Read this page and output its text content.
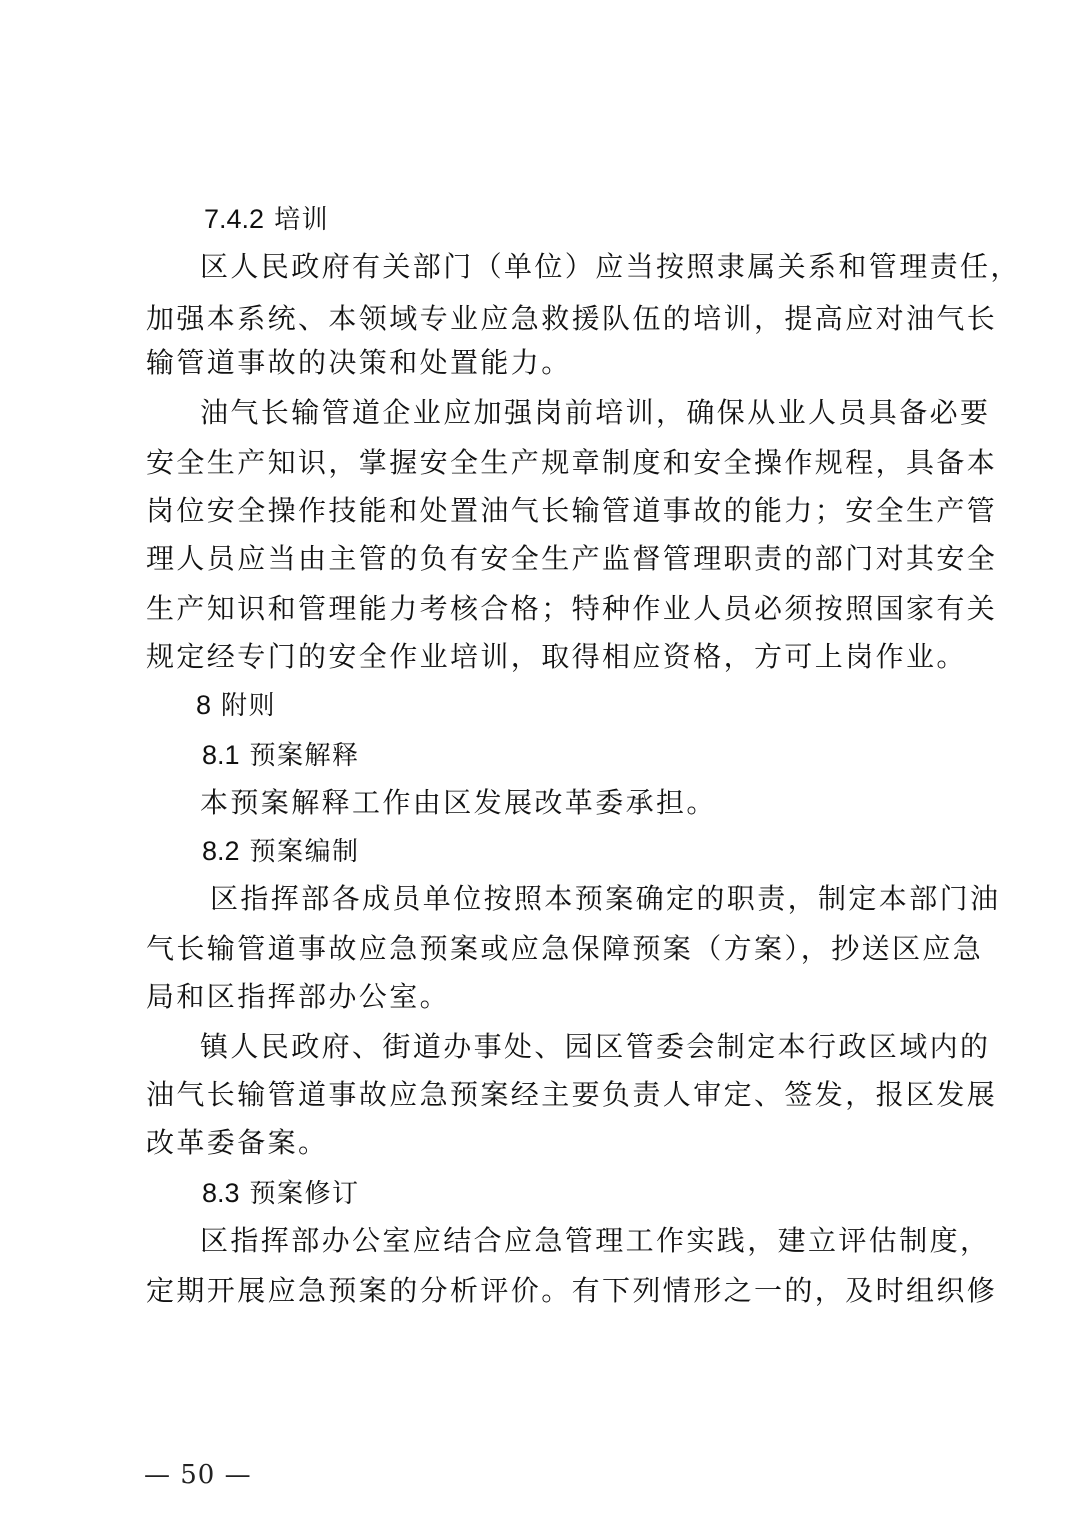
7.4.2 培训
区人民政府有关部门（单位）应当按照隶属关系和管理责任，
加强本系统、本领域专业应急救援队伍的培训，提高应对油气长
输管道事故的决策和处置能力。
油气长输管道企业应加强岗前培训，确保从业人员具备必要
安全生产知识，掌握安全生产规章制度和安全操作规程，具备本
岗位安全操作技能和处置油气长输管道事故的能力；安全生产管
理人员应当由主管的负有安全生产监督管理职责的部门对其安全
生产知识和管理能力考核合格；特种作业人员必须按照国家有关
规定经专门的安全作业培训，取得相应资格，方可上岗作业。
8 附则
8.1 预案解释
本预案解释工作由区发展改革委承担。
8.2 预案编制
区指挥部各成员单位按照本预案确定的职责，制定本部门油
气长输管道事故应急预案或应急保障预案（方案），抄送区应急
局和区指挥部办公室。
镇人民政府、街道办事处、园区管委会制定本行政区域内的
油气长输管道事故应急预案经主要负责人审定、签发，报区发展
改革委备案。
8.3 预案修订
区指挥部办公室应结合应急管理工作实践，建立评估制度，
定期开展应急预案的分析评价。有下列情形之一的，及时组织修
— 50 —
